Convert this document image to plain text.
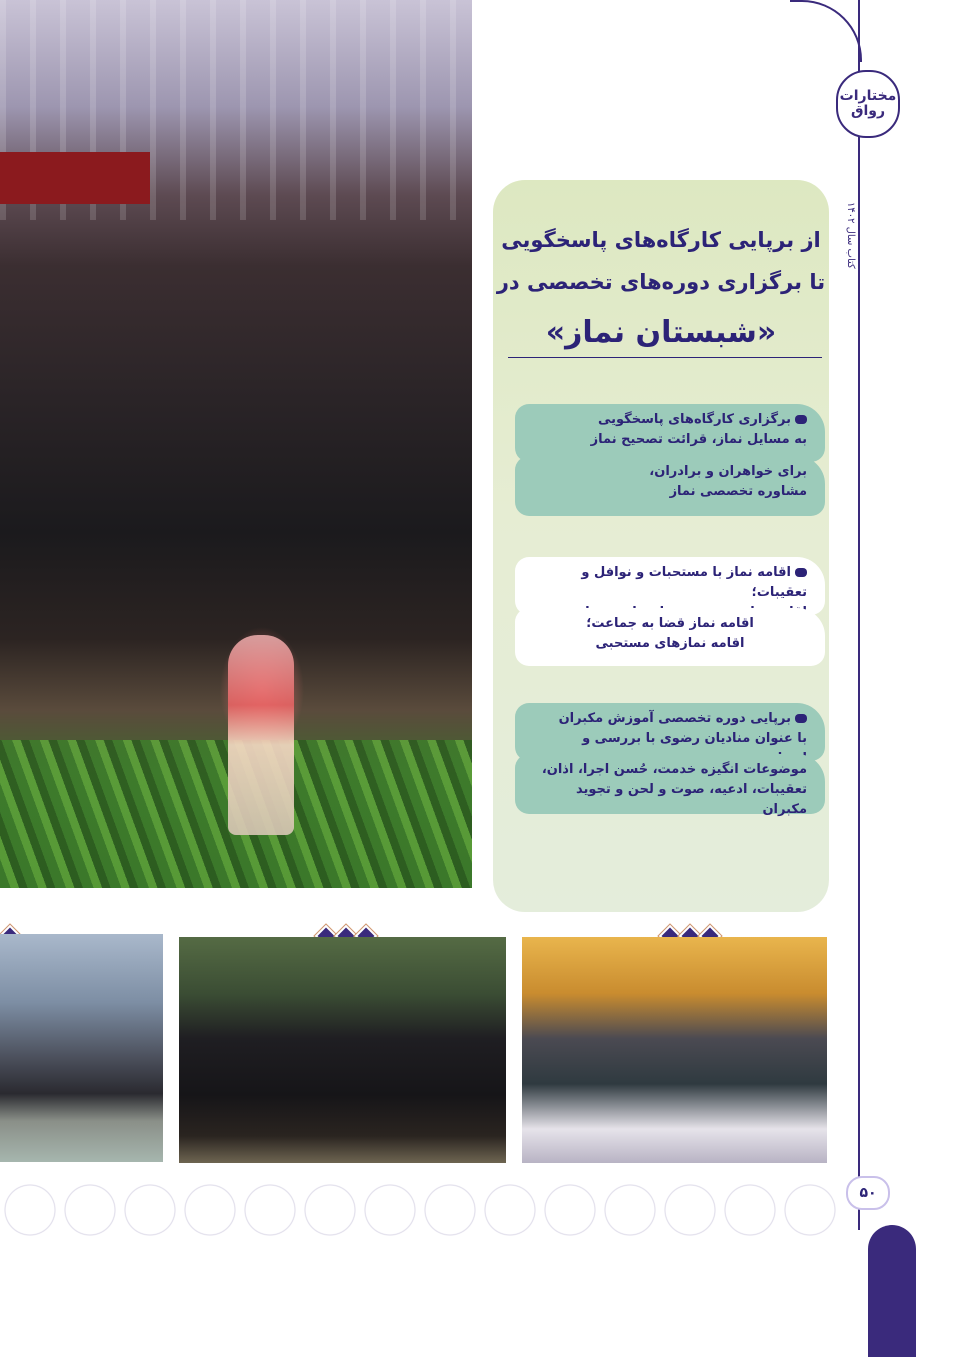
مختارات رواق
کتاب سال ۱۴۰۲
از برپایی کارگاه‌های پاسخگویی
تا برگزاری دوره‌های تخصصی در
«شبستان نماز»
برگزاری کارگاه‌های پاسخگویی
به مسایل نماز، قرائت تصحیح نماز
برای خواهران و برادران،
مشاوره تخصصی نماز
اقامه نماز با مستحبات و نوافل و تعقیبات؛
اقامه نماز قضا به جماعت؛
اقامه نمازهای مستحبی
برپایی دوره تخصصی آموزش مکبران
با عنوان منادیان رضوی با بررسی و
موضوعات انگیزه خدمت، حُسن اجرا، اذان،
تعقیبات، ادعیه، صوت و لحن و تجوید مکبران
۵۰
